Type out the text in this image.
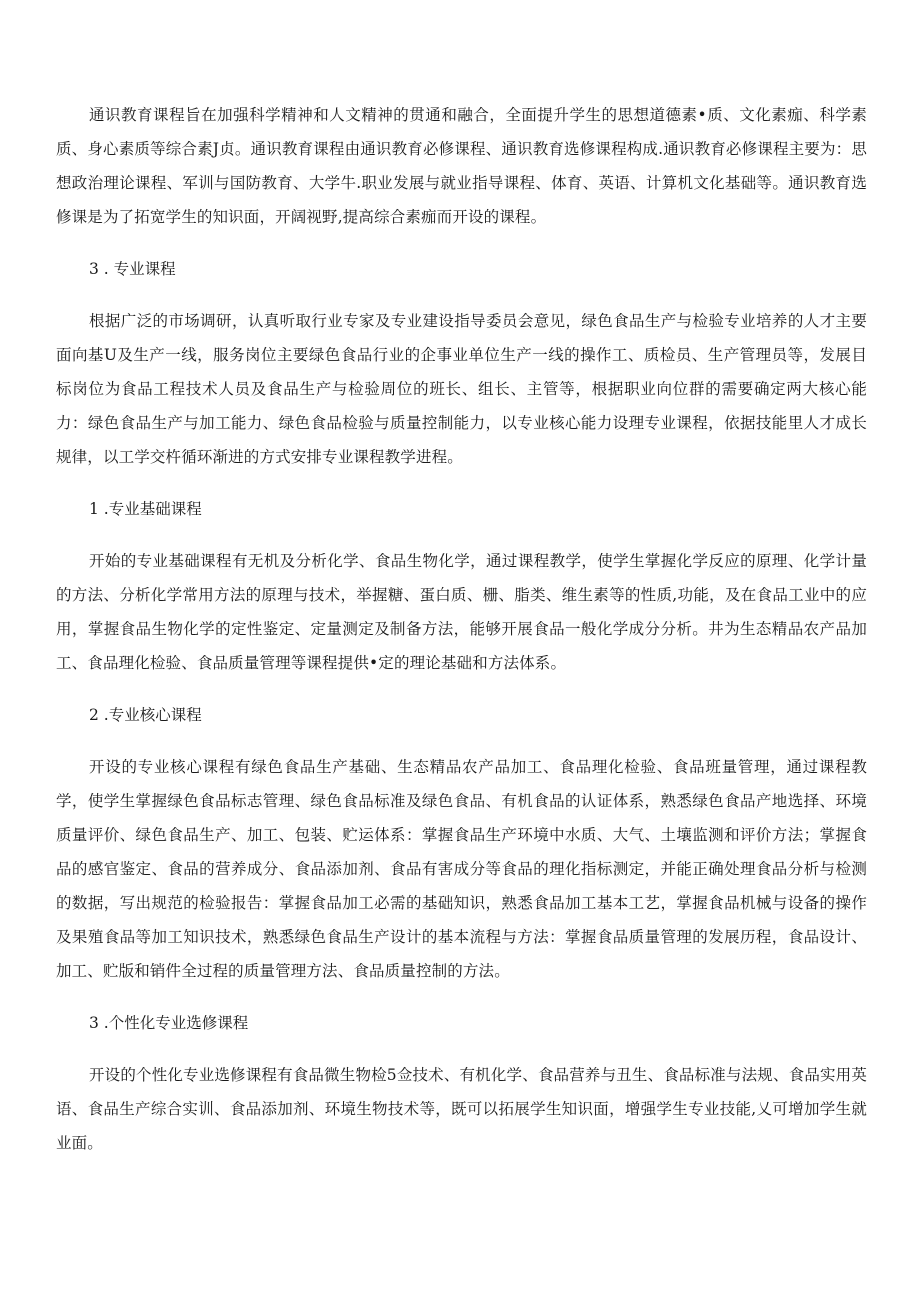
通识教育课程旨在加强科学精神和人文精神的贯通和融合，全面提升学生的思想道德素•质、文化素痂、科学素质、身心素质等综合素J贞。通识教育课程由通识教育必修课程、通识教育选修课程构成.通识教育必修课程主要为：思想政治理论课程、军训与国防教育、大学牛.职业发展与就业指导课程、体育、英语、计算机文化基础等。通识教育选修课是为了拓宽学生的知识面，开阔视野,提高综合素痂而开设的课程。

3 . 专业课程

根据广泛的市场调研，认真听取行业专家及专业建设指导委员会意见，绿色食品生产与检验专业培养的人才主要面向基U及生产一线，服务岗位主要绿色食品行业的企事业单位生产一线的操作工、质检员、生产管理员等，发展目标岗位为食品工程技术人员及食品生产与检验周位的班长、组长、主管等，根据职业向位群的需要确定两大核心能力：绿色食品生产与加工能力、绿色食品检验与质量控制能力，以专业核心能力设理专业课程，依据技能里人才成长规律，以工学交杵循环渐进的方式安排专业课程教学进程。

1 .专业基础课程

开始的专业基础课程有无机及分析化学、食品生物化学，通过课程教学，使学生掌握化学反应的原理、化学计量的方法、分析化学常用方法的原理与技术，举握糖、蛋白质、栅、脂类、维生素等的性质,功能，及在食品工业中的应用，掌握食品生物化学的定性鉴定、定量测定及制备方法，能够开展食品一般化学成分分析。井为生态精品农产品加工、食品理化检验、食品质量管理等课程提供•定的理论基础和方法体系。

2 .专业核心课程

开设的专业核心课程有绿色食品生产基础、生态精品农产品加工、食品理化检验、食品班量管理，通过课程教学，使学生掌握绿色食品标志管理、绿色食品标准及绿色食品、有机食品的认证体系，熟悉绿色食品产地选择、环境质量评价、绿色食品生产、加工、包装、贮运体系：掌握食品生产环境中水质、大气、土壤监测和评价方法；掌握食品的感官鉴定、食品的营养成分、食品添加剂、食品有害成分等食品的理化指标测定，并能正确处理食品分析与检测的数据，写出规范的检验报告：掌握食品加工必需的基础知识，熟悉食品加工基本工艺，掌握食品机械与设备的操作及果殖食品等加工知识技术，熟悉绿色食品生产设计的基本流程与方法：掌握食品质量管理的发展历程，食品设计、加工、贮版和销件全过程的质量管理方法、食品质量控制的方法。

3 .个性化专业选修课程

开设的个性化专业选修课程有食品微生物检5佥技术、有机化学、食品营养与丑生、食品标准与法规、食品实用英语、食品生产综合实训、食品添加剂、环境生物技术等，既可以拓展学生知识面，增强学生专业技能,乂可增加学生就业面。
